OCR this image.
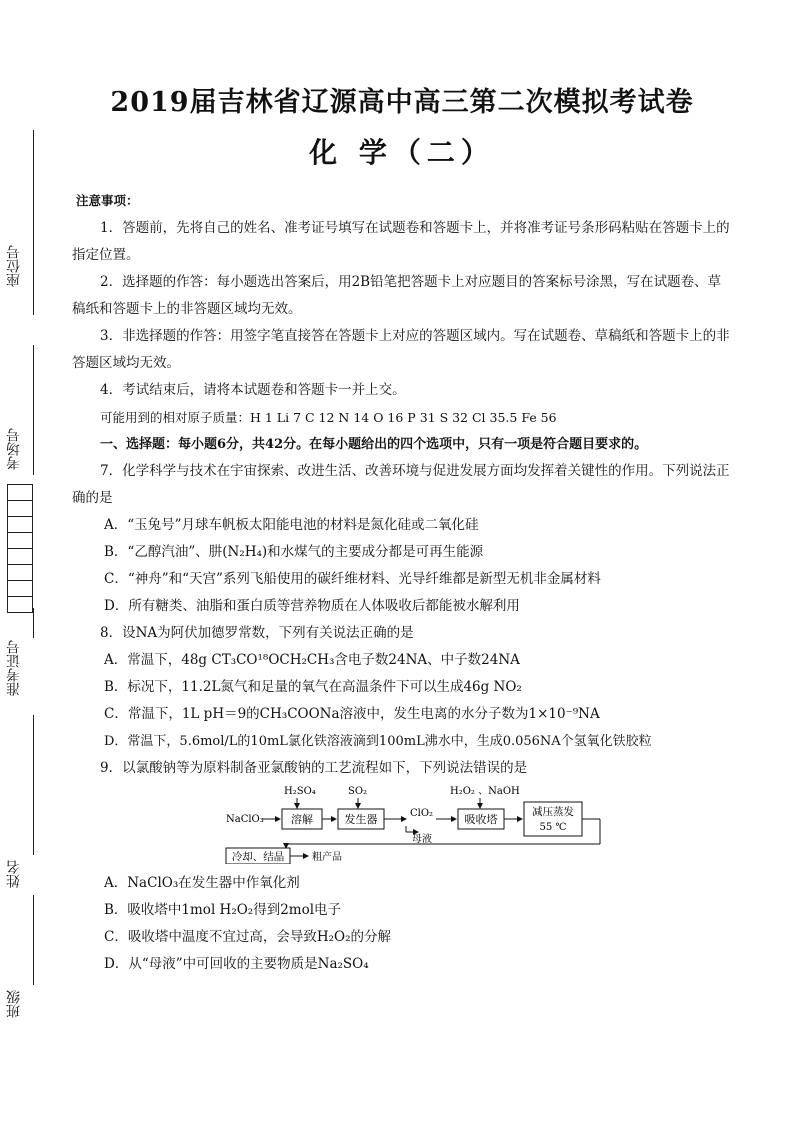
座位号
考场号
准考证号
姓名
班级
2019届吉林省辽源高中高三第二次模拟考试卷
化 学（二）
注意事项：

1．答题前，先将自己的姓名、准考证号填写在试题卷和答题卡上，并将准考证号条形码粘贴在答题卡上的指定位置。

2．选择题的作答：每小题选出答案后，用2B铅笔把答题卡上对应题目的答案标号涂黑，写在试题卷、草稿纸和答题卡上的非答题区域均无效。

3．非选择题的作答：用签字笔直接答在答题卡上对应的答题区域内。写在试题卷、草稿纸和答题卡上的非答题区域均无效。

4．考试结束后，请将本试题卷和答题卡一并上交。

可能用到的相对原子质量：H 1 Li 7 C 12 N 14 O 16 P 31 S 32 Cl 35.5 Fe 56

一、选择题：每小题6分，共42分。在每小题给出的四个选项中，只有一项是符合题目要求的。

7．化学科学与技术在宇宙探索、改进生活、改善环境与促进发展方面均发挥着关键性的作用。下列说法正确的是

A．“玉兔号”月球车帆板太阳能电池的材料是氮化硅或二氧化硅

B．“乙醇汽油”、肼(N₂H₄)和水煤气的主要成分都是可再生能源

C．“神舟”和“天宫”系列飞船使用的碳纤维材料、光导纤维都是新型无机非金属材料

D．所有糖类、油脂和蛋白质等营养物质在人体吸收后都能被水解利用

8．设NA为阿伏加德罗常数，下列有关说法正确的是

A．常温下，48g CT₃CO¹⁸OCH₂CH₃含电子数24NA、中子数24NA

B．标况下，11.2L氮气和足量的氧气在高温条件下可以生成46g NO₂

C．常温下，1L pH＝9的CH₃COONa溶液中，发生电离的水分子数为1×10⁻⁹NA

D．常温下，5.6mol/L的10mL氯化铁溶液滴到100mL沸水中，生成0.056NA个氢氧化铁胶粒

9．以氯酸钠等为原料制备亚氯酸钠的工艺流程如下，下列说法错误的是

NaClO₃
H₂SO₄
溶解
SO₂
发生器	ClO₂
母液
H₂O₂ 、NaOH
吸收塔
减压蒸发
55 ℃
冷却、结晶	粗产品

A．NaClO₃在发生器中作氧化剂

B．吸收塔中1mol H₂O₂得到2mol电子

C．吸收塔中温度不宜过高，会导致H₂O₂的分解

D．从“母液”中可回收的主要物质是Na₂SO₄
